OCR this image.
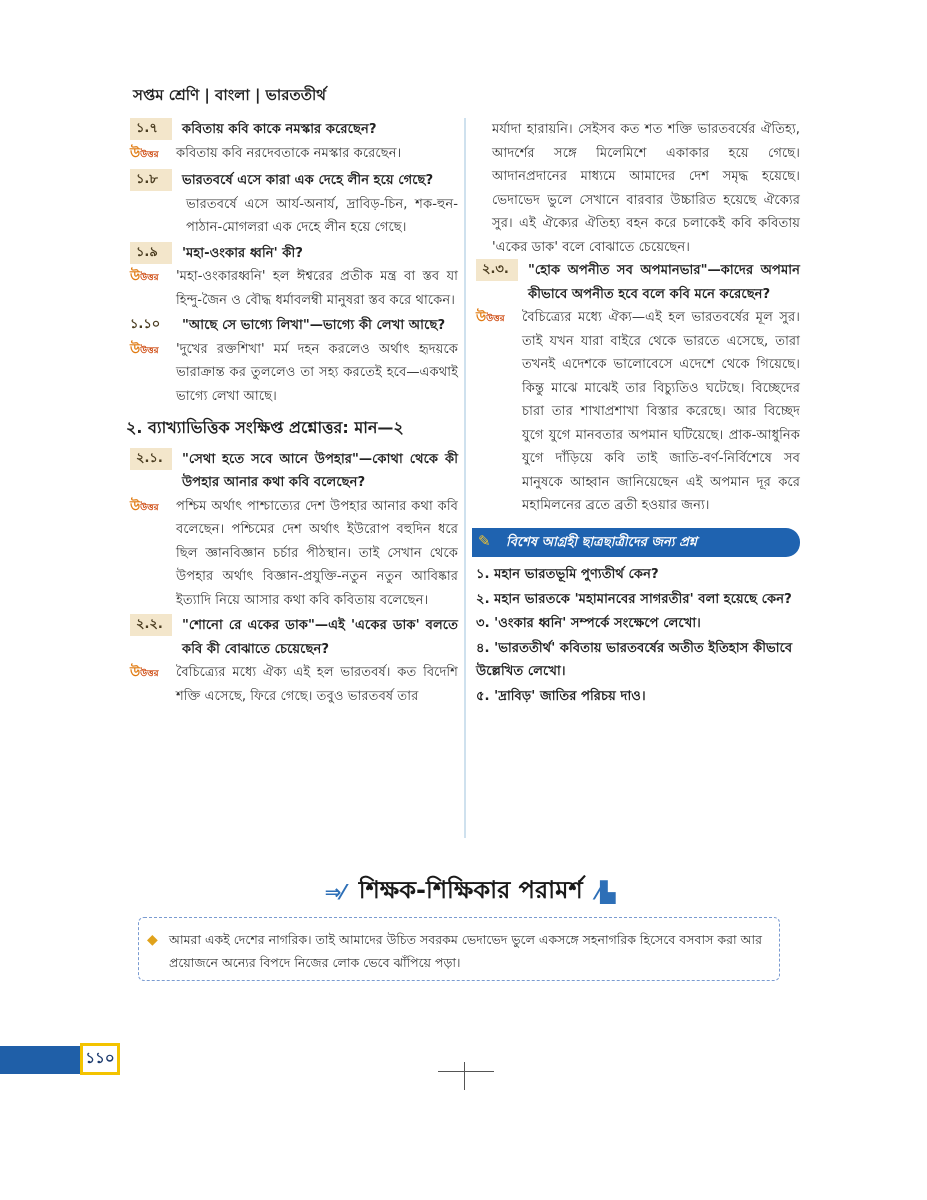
সপ্তম শ্রেণি | বাংলা | ভারততীর্থ
১.৭	কবিতায় কবি কাকে নমস্কার করেছেন?
উউত্তর	কবিতায় কবি নরদেবতাকে নমস্কার করেছেন।
১.৮	ভারতবর্ষে এসে কারা এক দেহে লীন হয়ে গেছে?
ভারতবর্ষে এসে আর্য-অনার্য, দ্রাবিড়-চিন, শক-হুন-পাঠান-মোগলরা এক দেহে লীন হয়ে গেছে।
১.৯	'মহা-ওংকার ধ্বনি' কী?
উউত্তর	'মহা-ওংকারধ্বনি' হল ঈশ্বরের প্রতীক মন্ত্র বা স্তব যা হিন্দু-জৈন ও বৌদ্ধ ধর্মাবলম্বী মানুষরা স্তব করে থাকেন।
১.১০	"আছে সে ভাগ্যে লিখা"—ভাগ্যে কী লেখা আছে?
উউত্তর	'দুখের রক্তশিখা' মর্ম দহন করলেও অর্থাৎ হৃদয়কে ভারাক্রান্ত কর তুললেও তা সহ্য করতেই হবে—একথাই ভাগ্যে লেখা আছে।
২. ব্যাখ্যাভিত্তিক সংক্ষিপ্ত প্রশ্নোত্তর: মান—২
২.১.	"সেথা হতে সবে আনে উপহার"—কোথা থেকে কী উপহার আনার কথা কবি বলেছেন?
উউত্তর	পশ্চিম অর্থাৎ পাশ্চাত্যের দেশ উপহার আনার কথা কবি বলেছেন। পশ্চিমের দেশ অর্থাৎ ইউরোপ বহুদিন ধরে ছিল জ্ঞানবিজ্ঞান চর্চার পীঠস্থান। তাই সেখান থেকে উপহার অর্থাৎ বিজ্ঞান-প্রযুক্তি-নতুন নতুন আবিষ্কার ইত্যাদি নিয়ে আসার কথা কবি কবিতায় বলেছেন।
২.২.	"শোনো রে একের ডাক"—এই 'একের ডাক' বলতে কবি কী বোঝাতে চেয়েছেন?
উউত্তর	বৈচিত্র্যের মধ্যে ঐক্য এই হল ভারতবর্ষ। কত বিদেশি শক্তি এসেছে, ফিরে গেছে। তবুও ভারতবর্ষ তার
মর্যাদা হারায়নি। সেইসব কত শত শক্তি ভারতবর্ষের ঐতিহ্য, আদর্শের সঙ্গে মিলেমিশে একাকার হয়ে গেছে। আদানপ্রদানের মাধ্যমে আমাদের দেশ সমৃদ্ধ হয়েছে। ভেদাভেদ ভুলে সেখানে বারবার উচ্চারিত হয়েছে ঐক্যের সুর। এই ঐক্যের ঐতিহ্য বহন করে চলাকেই কবি কবিতায় 'একের ডাক' বলে বোঝাতে চেয়েছেন।
২.৩.	"হোক অপনীত সব অপমানভার"—কাদের অপমান কীভাবে অপনীত হবে বলে কবি মনে করেছেন?
উউত্তর	বৈচিত্র্যের মধ্যে ঐক্য—এই হল ভারতবর্ষের মূল সুর। তাই যখন যারা বাইরে থেকে ভারতে এসেছে, তারা তখনই এদেশকে ভালোবেসে এদেশে থেকে গিয়েছে। কিন্তু মাঝে মাঝেই তার বিচ্যুতিও ঘটেছে। বিচ্ছেদের চারা তার শাখাপ্রশাখা বিস্তার করেছে। আর বিচ্ছেদ যুগে যুগে মানবতার অপমান ঘটিয়েছে। প্রাক-আধুনিক যুগে দাঁড়িয়ে কবি তাই জাতি-বর্ণ-নির্বিশেষে সব মানুষকে আহ্বান জানিয়েছেন এই অপমান দূর করে মহামিলনের ব্রতে ব্রতী হওয়ার জন্য।
✎ বিশেষ আগ্রহী ছাত্রছাত্রীদের জন্য প্রশ্ন
১. মহান ভারতভূমি পুণ্যতীর্থ কেন?
২. মহান ভারতকে 'মহামানবের সাগরতীর' বলা হয়েছে কেন?
৩. 'ওংকার ধ্বনি' সম্পর্কে সংক্ষেপে লেখো।
৪. 'ভারততীর্থ' কবিতায় ভারতবর্ষের অতীত ইতিহাস কীভাবে উল্লেখিত লেখো।
৫. 'দ্রাবিড়' জাতির পরিচয় দাও।
⇒⁄ শিক্ষক-শিক্ষিকার পরামর্শ ⁄ ▙
◆ আমরা একই দেশের নাগরিক। তাই আমাদের উচিত সবরকম ভেদাভেদ ভুলে একসঙ্গে সহনাগরিক হিসেবে বসবাস করা আর প্রয়োজনে অন্যের বিপদে নিজের লোক ভেবে ঝাঁপিয়ে পড়া।
১১০
